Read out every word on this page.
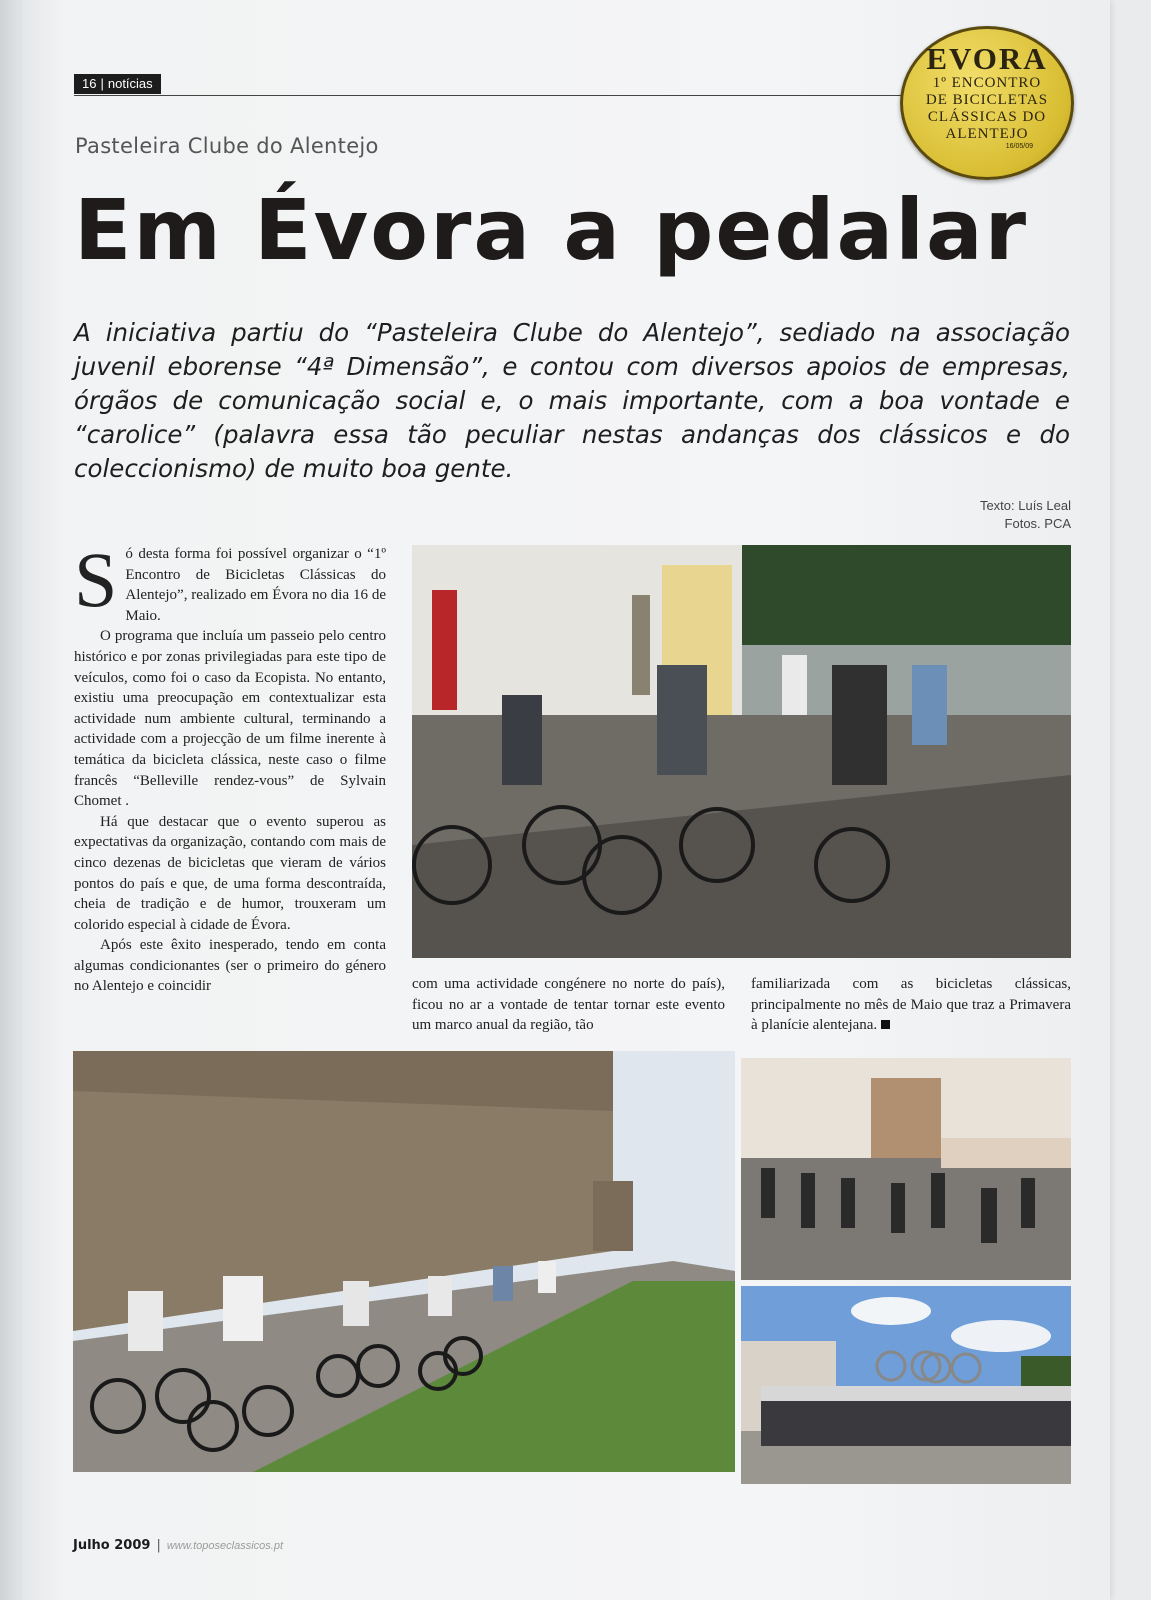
16 | notícias
EVORA
1º ENCONTRO
DE BICICLETAS
CLÁSSICAS DO
ALENTEJO
16/05/09
Pasteleira Clube do Alentejo
Em Évora a pedalar
A iniciativa partiu do “Pasteleira Clube do Alentejo”, sediado na associação juvenil eborense “4ª Dimensão”, e contou com diversos apoios de empresas, órgãos de comunicação social e, o mais importante, com a boa vontade e “carolice” (palavra essa tão peculiar nestas andanças dos clássicos e do coleccionismo) de muito boa gente.
Texto: Luís Leal
Fotos. PCA

Só desta forma foi possível organizar o “1º Encontro de Bicicletas Clássicas do Alentejo”, realizado em Évora no dia 16 de Maio.

O programa que incluía um passeio pelo centro histórico e por zonas privilegiadas para este tipo de veículos, como foi o caso da Ecopista. No entanto, existiu uma preocupação em contextualizar esta actividade num ambiente cultural, terminando a actividade com a projecção de um filme inerente à temática da bicicleta clássica, neste caso o filme francês “Belleville rendez-vous” de Sylvain Chomet .

Há que destacar que o evento superou as expectativas da organização, contando com mais de cinco dezenas de bicicletas que vieram de vários pontos do país e que, de uma forma descontraída, cheia de tradição e de humor, trouxeram um colorido especial à cidade de Évora.

Após este êxito inesperado, tendo em conta algumas condicionantes (ser o primeiro do género no Alentejo e coincidir	com uma actividade congénere no norte do país), ficou no ar a vontade de tentar tornar este evento um marco anual da região, tão

familiarizada com as bicicletas clássicas, principalmente no mês de Maio que traz a Primavera à planície alentejana.

Julho 2009 | www.toposeclassicos.pt
